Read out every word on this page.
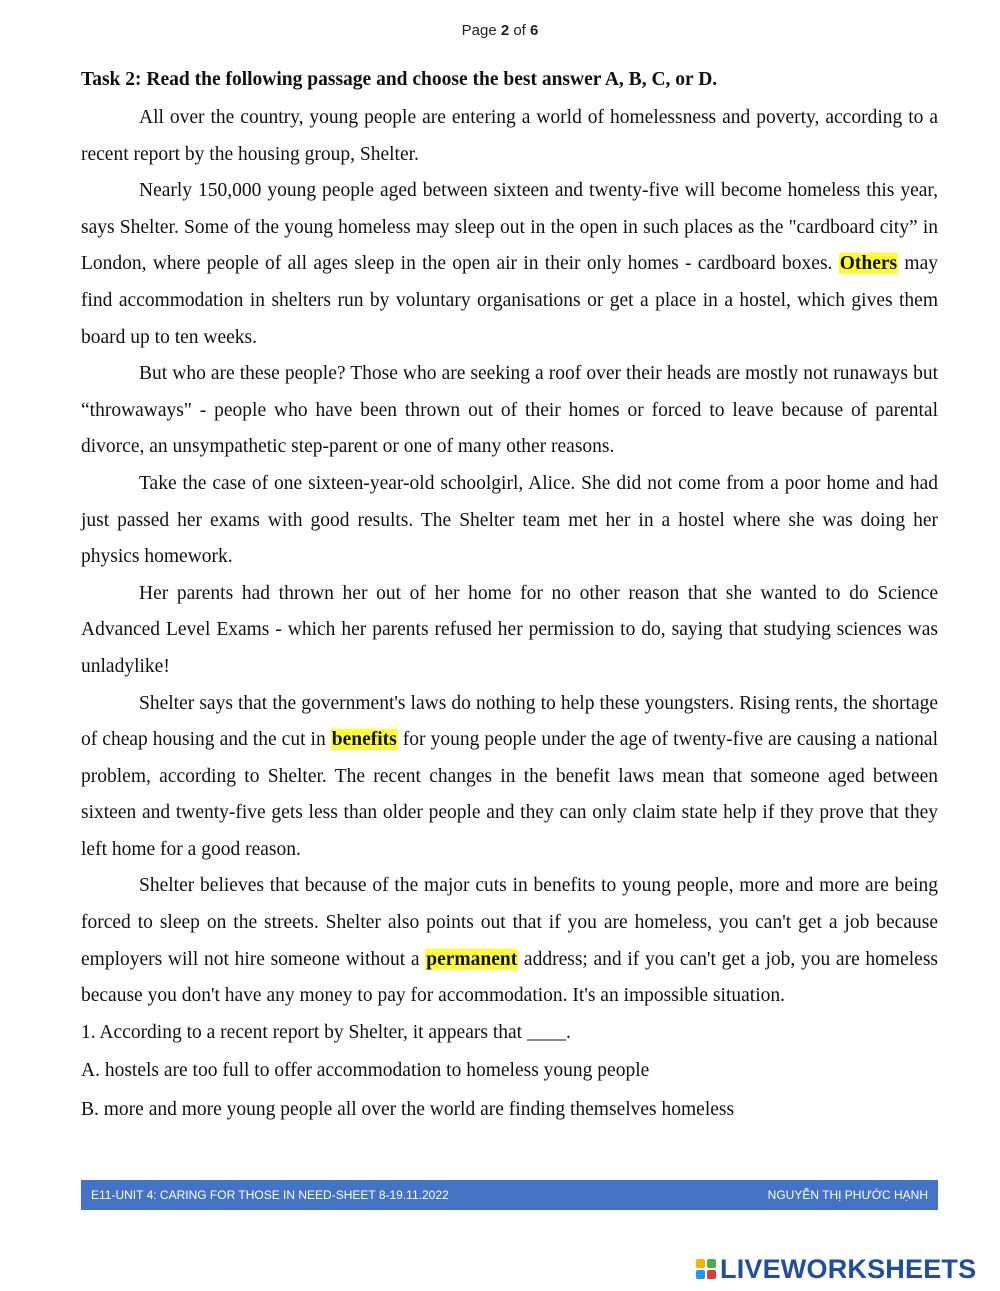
Page 2 of 6
Task 2: Read the following passage and choose the best answer A, B, C, or D.

All over the country, young people are entering a world of homelessness and poverty, according to a recent report by the housing group, Shelter.

Nearly 150,000 young people aged between sixteen and twenty-five will become homeless this year, says Shelter. Some of the young homeless may sleep out in the open in such places as the "cardboard city” in London, where people of all ages sleep in the open air in their only homes - cardboard boxes. Others may find accommodation in shelters run by voluntary organisations or get a place in a hostel, which gives them board up to ten weeks.

But who are these people? Those who are seeking a roof over their heads are mostly not runaways but “throwaways" - people who have been thrown out of their homes or forced to leave because of parental divorce, an unsympathetic step-parent or one of many other reasons.

Take the case of one sixteen-year-old schoolgirl, Alice. She did not come from a poor home and had just passed her exams with good results. The Shelter team met her in a hostel where she was doing her physics homework.

Her parents had thrown her out of her home for no other reason that she wanted to do Science Advanced Level Exams - which her parents refused her permission to do, saying that studying sciences was unladylike!

Shelter says that the government's laws do nothing to help these youngsters. Rising rents, the shortage of cheap housing and the cut in benefits for young people under the age of twenty-five are causing a national problem, according to Shelter. The recent changes in the benefit laws mean that someone aged between sixteen and twenty-five gets less than older people and they can only claim state help if they prove that they left home for a good reason.

Shelter believes that because of the major cuts in benefits to young people, more and more are being forced to sleep on the streets. Shelter also points out that if you are homeless, you can't get a job because employers will not hire someone without a permanent address; and if you can't get a job, you are homeless because you don't have any money to pay for accommodation. It's an impossible situation.

1. According to a recent report by Shelter, it appears that ____.

A. hostels are too full to offer accommodation to homeless young people

B. more and more young people all over the world are finding themselves homeless

E11-UNIT 4: CARING FOR THOSE IN NEED-SHEET 8-19.11.2022	NGUYỄN THỊ PHƯỚC HẠNH
LIVEWORKSHEETS
